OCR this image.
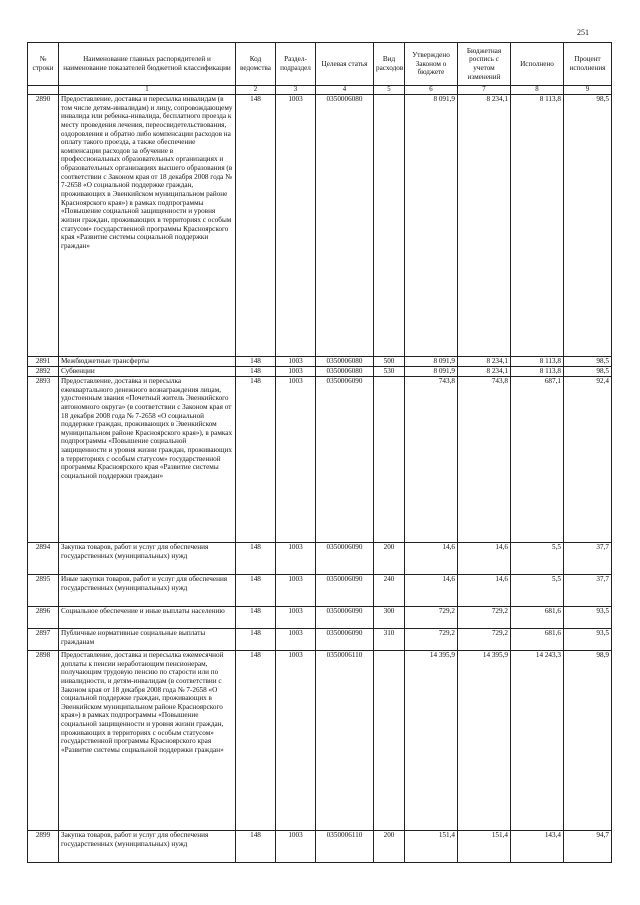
251
№ строки	Наименование главных распорядителей и наименование показателей бюджетной классификации	Код ведомства	Раздел-подраздел	Целевая статья	Вид расходов	Утверждено Законом о бюджете	Бюджетная роспись с учетом изменений	Исполнено	Процент исполнения
	1	2	3	4	5	6	7	8	9
2890	Предоставление, доставка и пересылка инвалидам (в том числе детям-инвалидам) и лицу, сопровождающему инвалида или ребенка-инвалида, бесплатного проезда к месту проведения лечения, переосвидетельствования, оздоровления и обратно либо компенсации расходов на оплату такого проезда, а также обеспечение компенсации расходов за обучение в профессиональных образовательных организациях и образовательных организациях высшего образования (в соответствии с Законом края от 18 декабря 2008 года № 7-2658 «О социальной поддержке граждан, проживающих в Эвенкийском муниципальном районе Красноярского края») в рамках подпрограммы «Повышение социальной защищенности и уровня жизни граждан, проживающих в территориях с особым статусом» государственной программы Красноярского края «Развитие системы социальной поддержки граждан»	148	1003	0350006080		8 091,9	8 234,1	8 113,8	98,5
2891	Межбюджетные трансферты	148	1003	0350006080	500	8 091,9	8 234,1	8 113,8	98,5
2892	Субвенции	148	1003	0350006080	530	8 091,9	8 234,1	8 113,8	98,5
2893	Предоставление, доставка и пересылка ежеквартального денежного вознаграждения лицам, удостоенным звания «Почетный житель Эвенкийского автономного округа» (в соответствии с Законом края от 18 декабря 2008 года № 7-2658 «О социальной поддержке граждан, проживающих в Эвенкийском муниципальном районе Красноярского края»), в рамках подпрограммы «Повышение социальной защищенности и уровня жизни граждан, проживающих в территориях с особым статусом» государственной программы Красноярского края «Развитие системы социальной поддержки граждан»	148	1003	0350006090		743,8	743,8	687,1	92,4
2894	Закупка товаров, работ и услуг для обеспечения государственных (муниципальных) нужд	148	1003	0350006090	200	14,6	14,6	5,5	37,7
2895	Иные закупки товаров, работ и услуг для обеспечения государственных (муниципальных) нужд	148	1003	0350006090	240	14,6	14,6	5,5	37,7
2896	Социальное обеспечение и иные выплаты населению	148	1003	0350006090	300	729,2	729,2	681,6	93,5
2897	Публичные нормативные социальные выплаты гражданам	148	1003	0350006090	310	729,2	729,2	681,6	93,5
2898	Предоставление, доставка и пересылка ежемесячной доплаты к пенсии неработающим пенсионерам, получающим трудовую пенсию по старости или по инвалидности, и детям-инвалидам (в соответствии с Законом края от 18 декабря 2008 года № 7-2658 «О социальной поддержке граждан, проживающих в Эвенкийском муниципальном районе Красноярского края») в рамках подпрограммы «Повышение социальной защищенности и уровня жизни граждан, проживающих в территориях с особым статусом» государственной программы Красноярского края «Развитие системы социальной поддержки граждан»	148	1003	0350006110		14 395,9	14 395,9	14 243,3	98,9
2899	Закупка товаров, работ и услуг для обеспечения государственных (муниципальных) нужд	148	1003	0350006110	200	151,4	151,4	143,4	94,7
